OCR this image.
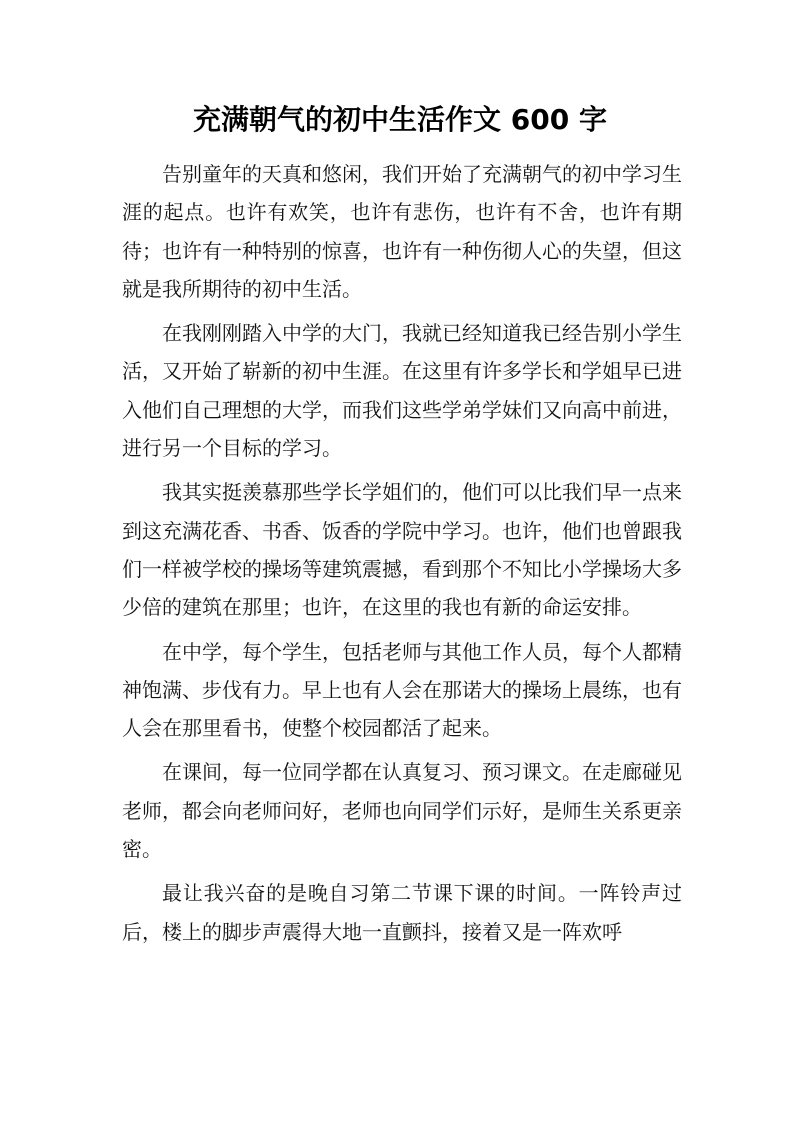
充满朝气的初中生活作文 600 字

告别童年的天真和悠闲，我们开始了充满朝气的初中学习生涯的起点。也许有欢笑，也许有悲伤，也许有不舍，也许有期待；也许有一种特别的惊喜，也许有一种伤彻人心的失望，但这就是我所期待的初中生活。

在我刚刚踏入中学的大门，我就已经知道我已经告别小学生活，又开始了崭新的初中生涯。在这里有许多学长和学姐早已进入他们自己理想的大学，而我们这些学弟学妹们又向高中前进，进行另一个目标的学习。

我其实挺羡慕那些学长学姐们的，他们可以比我们早一点来到这充满花香、书香、饭香的学院中学习。也许，他们也曾跟我们一样被学校的操场等建筑震撼，看到那个不知比小学操场大多少倍的建筑在那里；也许，在这里的我也有新的命运安排。

在中学，每个学生，包括老师与其他工作人员，每个人都精神饱满、步伐有力。早上也有人会在那诺大的操场上晨练，也有人会在那里看书，使整个校园都活了起来。

在课间，每一位同学都在认真复习、预习课文。在走廊碰见老师，都会向老师问好，老师也向同学们示好，是师生关系更亲密。

最让我兴奋的是晚自习第二节课下课的时间。一阵铃声过后，楼上的脚步声震得大地一直颤抖，接着又是一阵欢呼
